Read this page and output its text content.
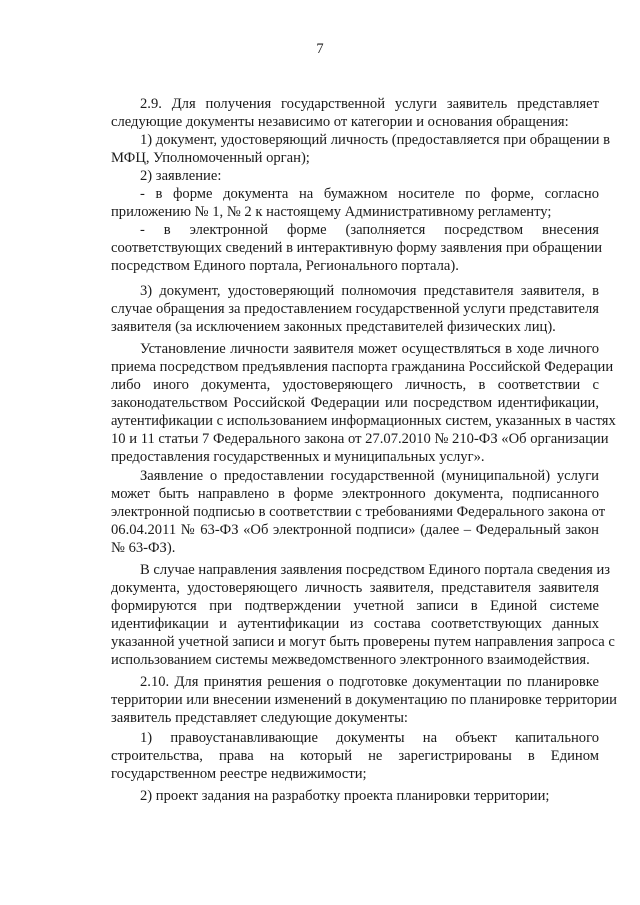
7
2.9. Для получения государственной услуги заявитель представляет
следующие документы независимо от категории и основания обращения:
1) документ, удостоверяющий личность (предоставляется при обращении в
МФЦ, Уполномоченный орган);
2) заявление:
- в форме документа на бумажном носителе по форме, согласно
приложению № 1, № 2 к настоящему Административному регламенту;
- в электронной форме (заполняется посредством внесения
соответствующих сведений в интерактивную форму заявления при обращении
посредством Единого портала, Регионального портала).
3) документ, удостоверяющий полномочия представителя заявителя, в
случае обращения за предоставлением государственной услуги представителя
заявителя (за исключением законных представителей физических лиц).
Установление личности заявителя может осуществляться в ходе личного
приема посредством предъявления паспорта гражданина Российской Федерации
либо иного документа, удостоверяющего личность, в соответствии с
законодательством Российской Федерации или посредством идентификации,
аутентификации с использованием информационных систем, указанных в частях
10 и 11 статьи 7 Федерального закона от 27.07.2010 № 210-ФЗ «Об организации
предоставления государственных и муниципальных услуг».
Заявление о предоставлении государственной (муниципальной) услуги
может быть направлено в форме электронного документа, подписанного
электронной подписью в соответствии с требованиями Федерального закона от
06.04.2011 № 63-ФЗ «Об электронной подписи» (далее – Федеральный закон
№ 63-ФЗ).
В случае направления заявления посредством Единого портала сведения из
документа, удостоверяющего личность заявителя, представителя заявителя
формируются при подтверждении учетной записи в Единой системе
идентификации и аутентификации из состава соответствующих данных
указанной учетной записи и могут быть проверены путем направления запроса с
использованием системы межведомственного электронного взаимодействия.
2.10. Для принятия решения о подготовке документации по планировке
территории или внесении изменений в документацию по планировке территории
заявитель представляет следующие документы:
1) правоустанавливающие документы на объект капитального
строительства, права на который не зарегистрированы в Едином
государственном реестре недвижимости;
2) проект задания на разработку проекта планировки территории;
